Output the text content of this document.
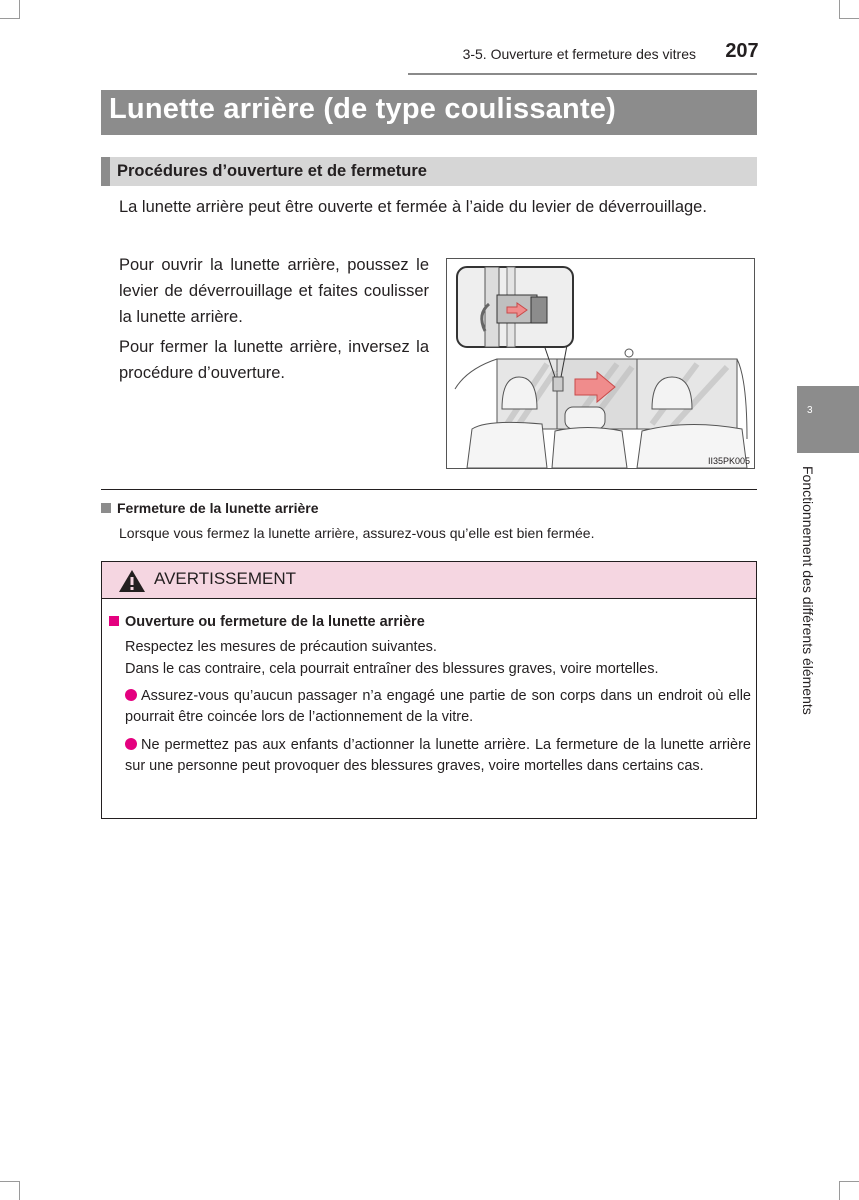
3-5. Ouverture et fermeture des vitres	207
Lunette arrière (de type coulissante)
Procédures d’ouverture et de fermeture
La lunette arrière peut être ouverte et fermée à l’aide du levier de déverrouillage.
Pour ouvrir la lunette arrière, poussez le levier de déverrouillage et faites coulisser la lunette arrière.
Pour fermer la lunette arrière, inversez la procédure d’ouverture.
II35PK005
Fermeture de la lunette arrière
Lorsque vous fermez la lunette arrière, assurez-vous qu’elle est bien fermée.
AVERTISSEMENT
Ouverture ou fermeture de la lunette arrière
Respectez les mesures de précaution suivantes.
Dans le cas contraire, cela pourrait entraîner des blessures graves, voire mortelles.
Assurez-vous qu’aucun passager n’a engagé une partie de son corps dans un endroit où elle pourrait être coincée lors de l’actionnement de la vitre.
Ne permettez pas aux enfants d’actionner la lunette arrière. La fermeture de la lunette arrière sur une personne peut provoquer des blessures graves, voire mortelles dans certains cas.
3
Fonctionnement des différents éléments
